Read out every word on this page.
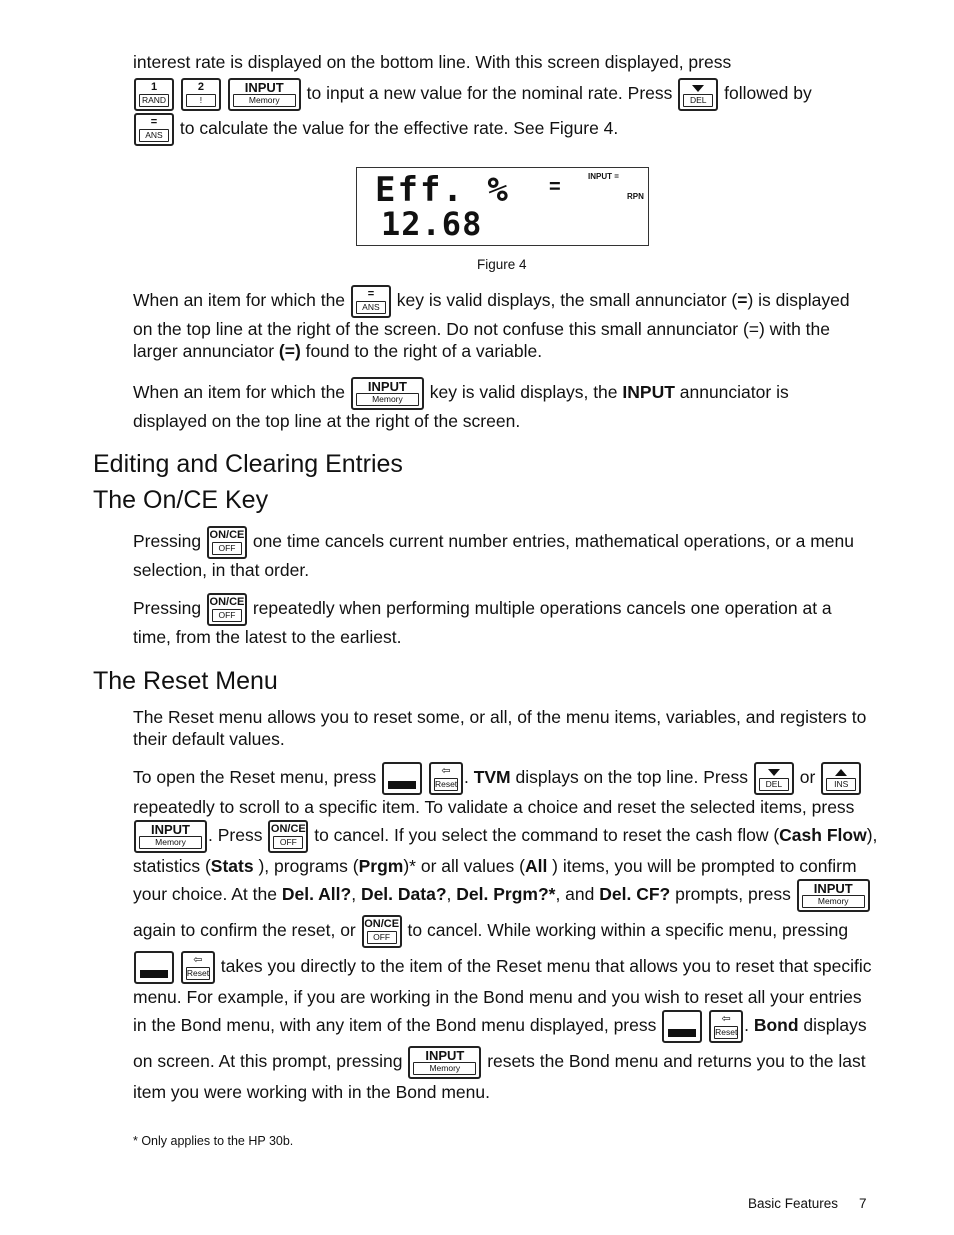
interest rate is displayed on the bottom line. With this screen displayed, press
1
RAND

2
!

INPUT
Memory	to input a new value for the nominal rate. Press	DEL	followed by
=
ANS to calculate the value for the effective rate. See Figure 4.
Eff. %
12.68
=	INPUT =
RPN
Figure 4
When an item for which the	=
ANS key is valid displays, the small annunciator (=) is displayed
on the top line at the right of the screen. Do not confuse this small annunciator (=) with the
larger annunciator (=) found to the right of a variable.
When an item for which the	INPUT
Memory	key is valid displays, the INPUT annunciator is
displayed on the top line at the right of the screen.
Editing and Clearing Entries
The On/CE Key
Pressing ON/CE
OFF one time cancels current number entries, mathematical operations, or a menu
selection, in that order.
Pressing ON/CE
OFF repeatedly when performing multiple operations cancels one operation at a
time, from the latest to the earliest.
The Reset Menu
The Reset menu allows you to reset some, or all, of the menu items, variables, and registers to
their default values.
To open the Reset menu, press
	⇦
Reset . TVM displays on the top line. Press	DEL	or	INS
repeatedly to scroll to a specific item. To validate a choice and reset the selected items, press
INPUT
Memory	. Press ON/CE
OFF to cancel. If you select the command to reset the cash flow (Cash Flow),
statistics (Stats ), programs (Prgm)* or all values (All ) items, you will be prompted to confirm
your choice. At the Del. All?, Del. Data?, Del. Prgm?*, and Del. CF? prompts, press	INPUT
Memory
again to confirm the reset, or ON/CE
OFF to cancel. While working within a specific menu, pressing

⇦
Reset takes you directly to the item of the Reset menu that allows you to reset that specific
menu. For example, if you are working in the Bond menu and you wish to reset all your entries
in the Bond menu, with any item of the Bond menu displayed, press
	⇦
Reset . Bond displays
on screen. At this prompt, pressing	INPUT
Memory	resets the Bond menu and returns you to the last
item you were working with in the Bond menu.
* Only applies to the HP 30b.
Basic Features 7
